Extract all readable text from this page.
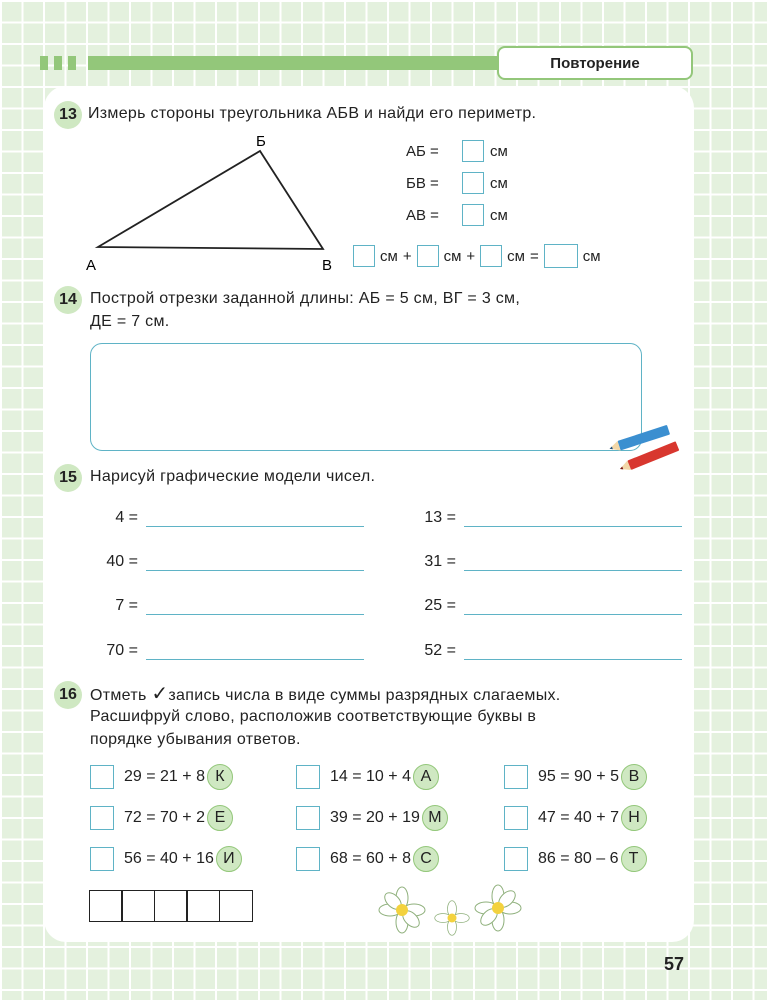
Повторение
13 Измерь стороны треугольника АБВ и найди его периметр.
А
Б
В
АБ =	см
БВ =	см
АВ =	см
см + см + см =	см
14 Построй отрезки заданной длины: АБ = 5 см, ВГ = 3 см,
ДЕ = 7 см.
15 Нарисуй графические модели чисел.
4 =
40 =
7 =
70 =
13 =
31 =
25 =
52 =
16 Отметь ✓запись числа в виде суммы разрядных слагаемых.
Расшифруй слово, расположив соответствующие буквы в
порядке убывания ответов.
29 = 21 + 8 К
72 = 70 + 2 Е
56 = 40 + 16 И
14 = 10 + 4 А
39 = 20 + 19 М
68 = 60 + 8 С
95 = 90 + 5 В
47 = 40 + 7 Н
86 = 80 – 6 Т
57
